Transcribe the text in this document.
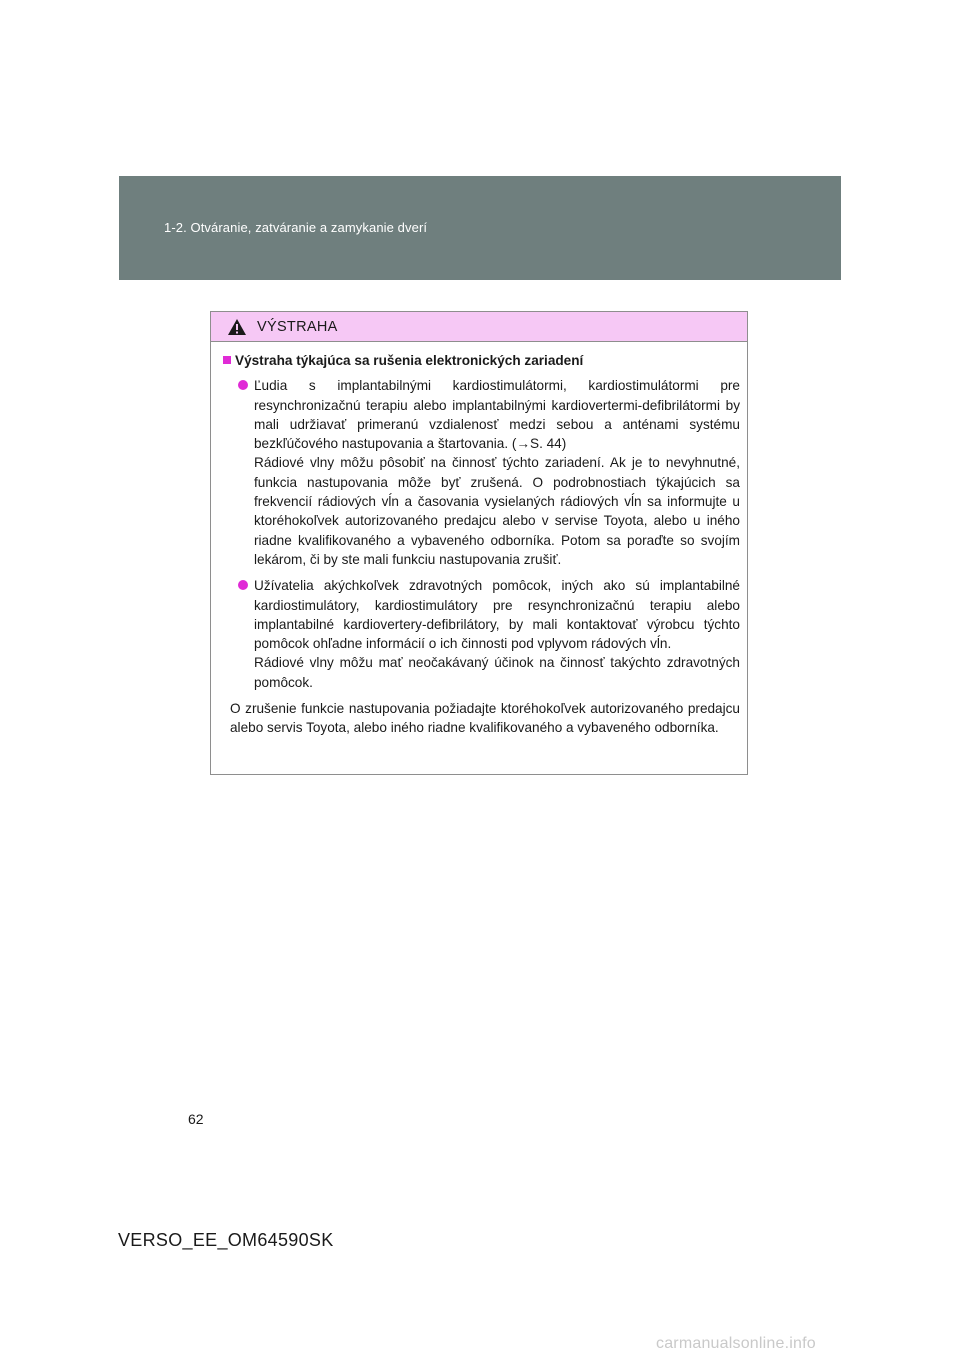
1-2. Otváranie, zatváranie a zamykanie dverí
VÝSTRAHA
Výstraha týkajúca sa rušenia elektronických zariadení
Ľudia s implantabilnými kardiostimulátormi, kardiostimulátormi pre resynchronizačnú terapiu alebo implantabilnými kardiovertermi-defibrilátormi by mali udržiavať primeranú vzdialenosť medzi sebou a anténami systému bezkľúčového nastupovania a štartovania. (→S. 44)
Rádiové vlny môžu pôsobiť na činnosť týchto zariadení. Ak je to nevyhnutné, funkcia nastupovania môže byť zrušená. O podrobnostiach týkajúcich sa frekvencií rádiových vĺn a časovania vysielaných rádiových vĺn sa informujte u ktoréhokoľvek autorizovaného predajcu alebo v servise Toyota, alebo u iného riadne kvalifikovaného a vybaveného odborníka. Potom sa poraďte so svojím lekárom, či by ste mali funkciu nastupovania zrušiť.
Užívatelia akýchkoľvek zdravotných pomôcok, iných ako sú implantabilné kardiostimulátory, kardiostimulátory pre resynchronizačnú terapiu alebo implantabilné kardiovertery-defibrilátory, by mali kontaktovať výrobcu týchto pomôcok ohľadne informácií o ich činnosti pod vplyvom rádových vĺn.
Rádiové vlny môžu mať neočakávaný účinok na činnosť takýchto zdravotných pomôcok.
O zrušenie funkcie nastupovania požiadajte ktoréhokoľvek autorizovaného predajcu alebo servis Toyota, alebo iného riadne kvalifikovaného a vybaveného odborníka.
62
VERSO_EE_OM64590SK
carmanualsonline.info
